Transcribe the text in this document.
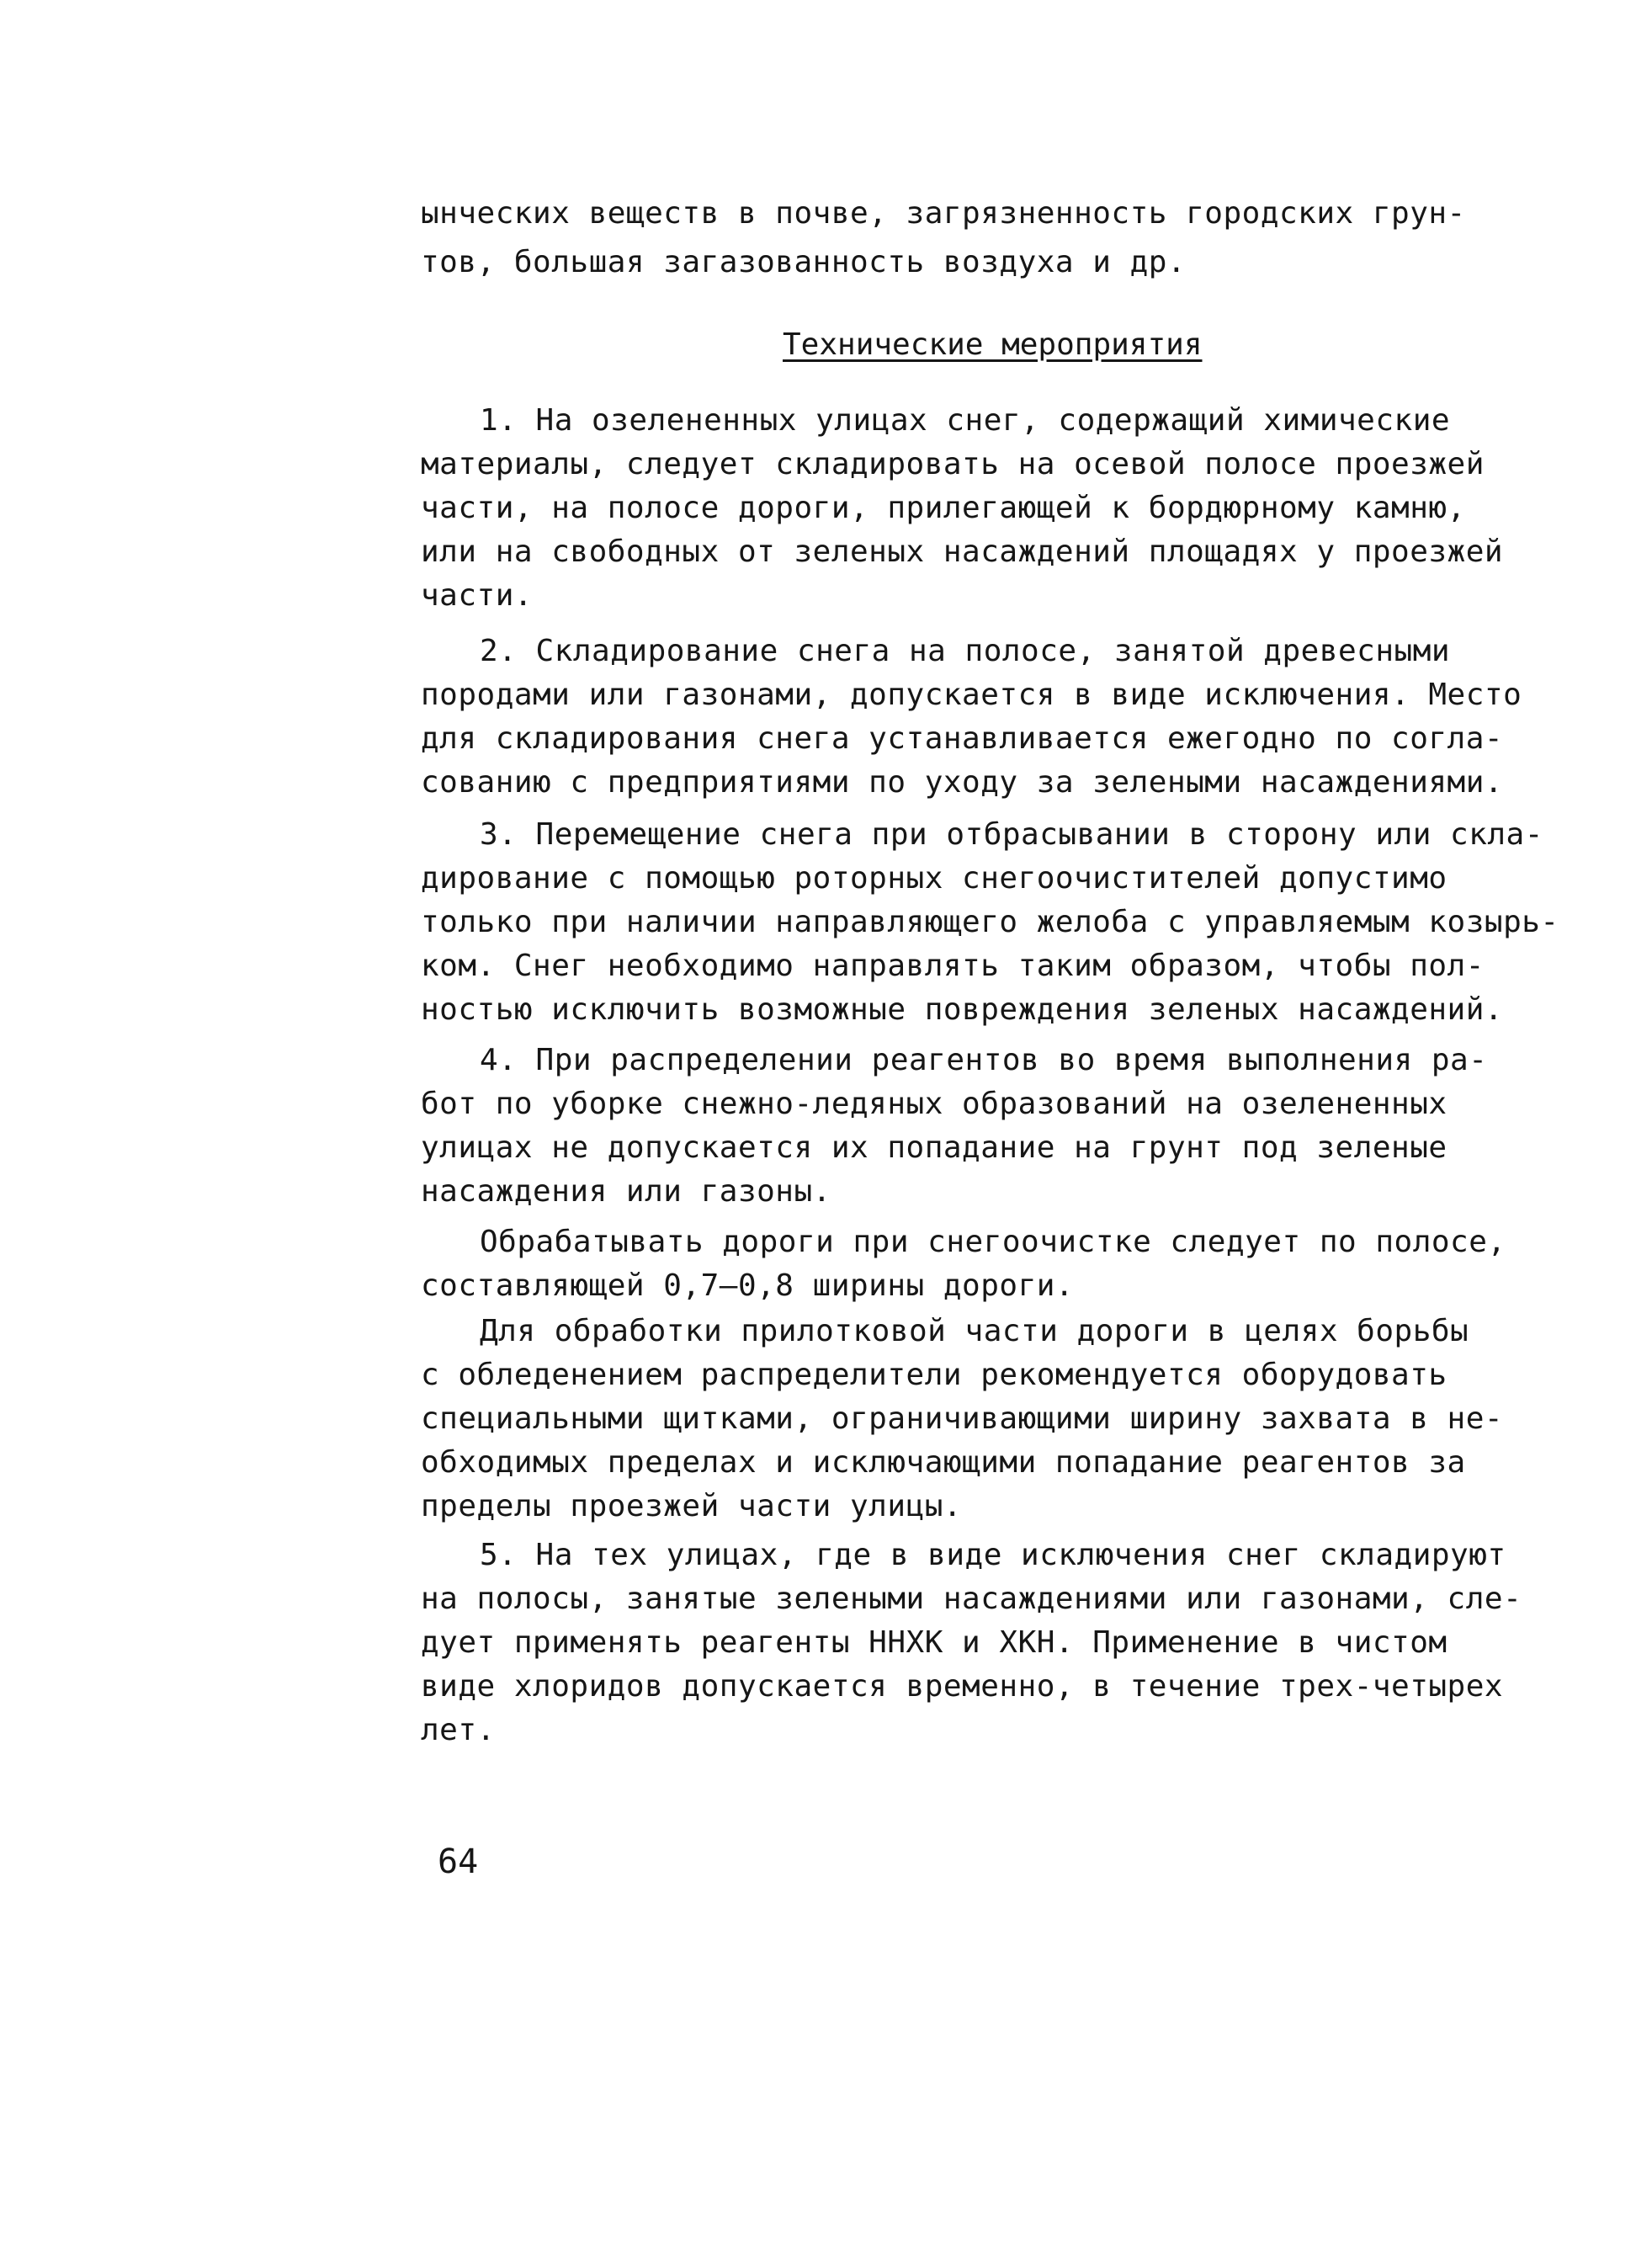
ынческих веществ в почве, загрязненность городских грун-
тов, большая загазованность воздуха и др.
Технические мероприятия
1. На озелененных улицах снег, содержащий химические
материалы, следует складировать на осевой полосе проезжей
части, на полосе дороги, прилегающей к бордюрному камню,
или на свободных от зеленых насаждений площадях у проезжей
части.
2. Складирование снега на полосе, занятой древесными
породами или газонами, допускается в виде исключения. Место
для складирования снега устанавливается ежегодно по согла-
сованию с предприятиями по уходу за зелеными насаждениями.
3. Перемещение снега при отбрасывании в сторону или скла-
дирование с помощью роторных снегоочистителей допустимо
только при наличии направляющего желоба с управляемым козырь-
ком. Снег необходимо направлять таким образом, чтобы пол-
ностью исключить возможные повреждения зеленых насаждений.
4. При распределении реагентов во время выполнения ра-
бот по уборке снежно-ледяных образований на озелененных
улицах не допускается их попадание на грунт под зеленые
насаждения или газоны.
Обрабатывать дороги при снегоочистке следует по полосе,
составляющей 0,7–0,8 ширины дороги.
Для обработки прилотковой части дороги в целях борьбы
с обледенением распределители рекомендуется оборудовать
специальными щитками, ограничивающими ширину захвата в не-
обходимых пределах и исключающими попадание реагентов за
пределы проезжей части улицы.
5. На тех улицах, где в виде исключения снег складируют
на полосы, занятые зелеными насаждениями или газонами, сле-
дует применять реагенты ННХК и ХКН. Применение в чистом
виде хлоридов допускается временно, в течение трех-четырех
лет.
64
